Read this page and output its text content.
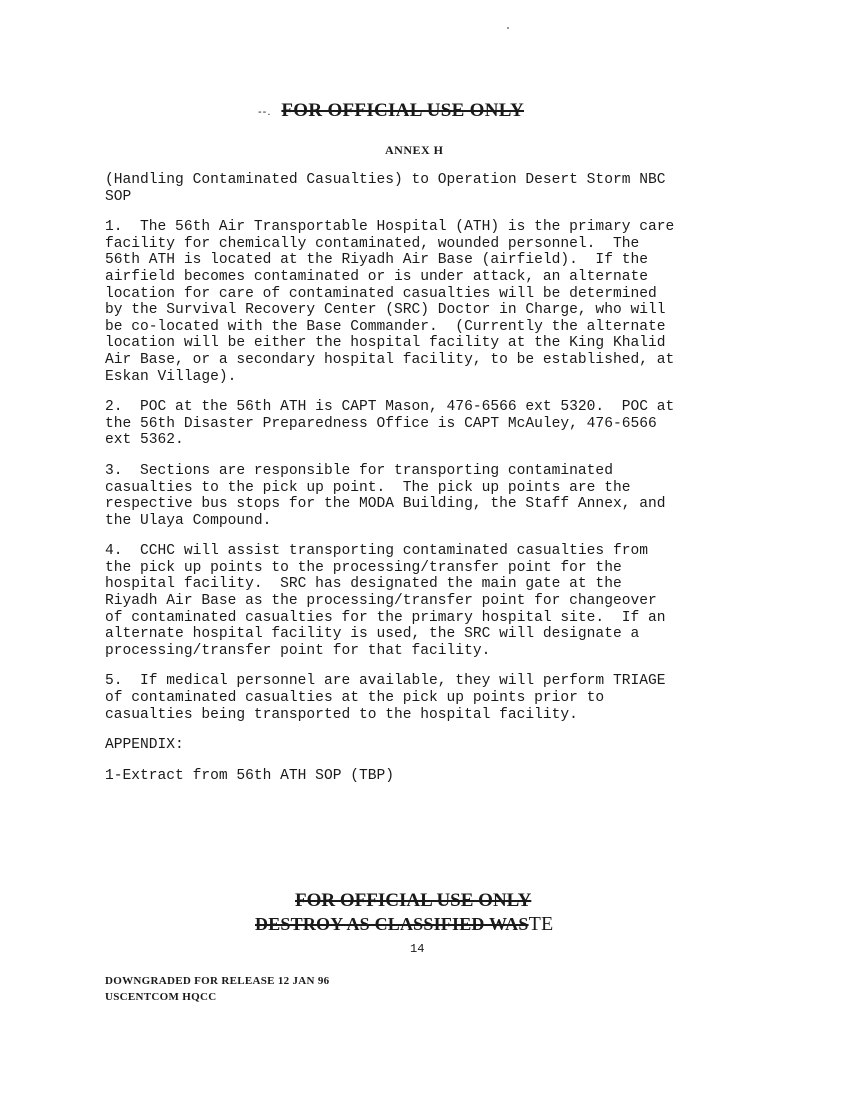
--. FOR OFFICIAL USE ONLY
ANNEX H

(Handling Contaminated Casualties) to Operation Desert Storm NBC
SOP

1.  The 56th Air Transportable Hospital (ATH) is the primary care
facility for chemically contaminated, wounded personnel.  The
56th ATH is located at the Riyadh Air Base (airfield).  If the
airfield becomes contaminated or is under attack, an alternate
location for care of contaminated casualties will be determined
by the Survival Recovery Center (SRC) Doctor in Charge, who will
be co-located with the Base Commander.  (Currently the alternate
location will be either the hospital facility at the King Khalid
Air Base, or a secondary hospital facility, to be established, at
Eskan Village).

2.  POC at the 56th ATH is CAPT Mason, 476-6566 ext 5320.  POC at
the 56th Disaster Preparedness Office is CAPT McAuley, 476-6566
ext 5362.

3.  Sections are responsible for transporting contaminated
casualties to the pick up point.  The pick up points are the
respective bus stops for the MODA Building, the Staff Annex, and
the Ulaya Compound.

4.  CCHC will assist transporting contaminated casualties from
the pick up points to the processing/transfer point for the
hospital facility.  SRC has designated the main gate at the
Riyadh Air Base as the processing/transfer point for changeover
of contaminated casualties for the primary hospital site.  If an
alternate hospital facility is used, the SRC will designate a
processing/transfer point for that facility.

5.  If medical personnel are available, they will perform TRIAGE
of contaminated casualties at the pick up points prior to
casualties being transported to the hospital facility.

APPENDIX:

1-Extract from 56th ATH SOP (TBP)

FOR OFFICIAL USE ONLY
DESTROY AS CLASSIFIED WASTE
14
DOWNGRADED FOR RELEASE 12 JAN 96
USCENTCOM HQCC
